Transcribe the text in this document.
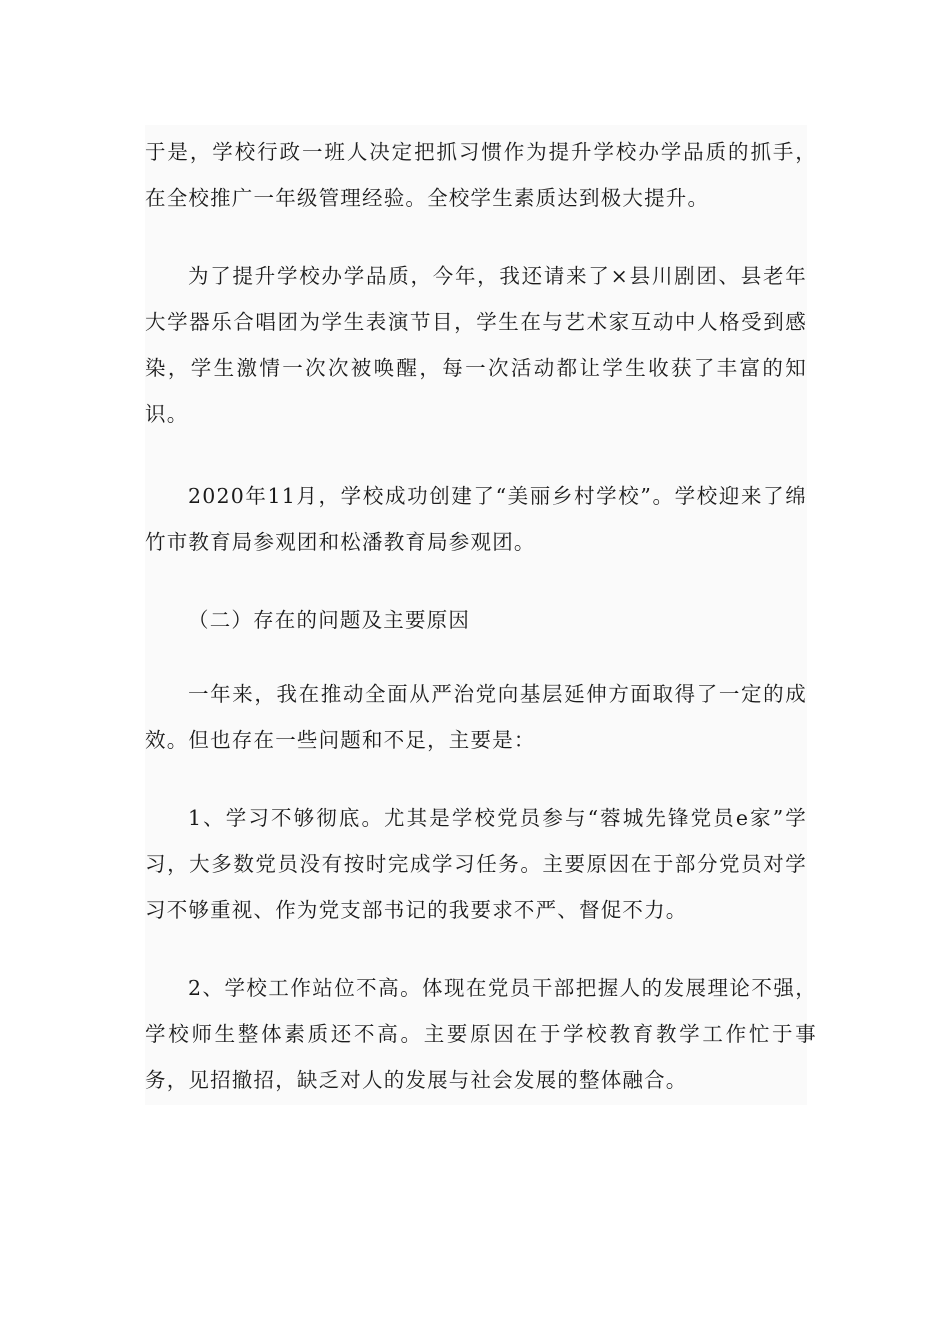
于是，学校行政一班人决定把抓习惯作为提升学校办学品质的抓手，在全校推广一年级管理经验。全校学生素质达到极大提升。

为了提升学校办学品质，今年，我还请来了×县川剧团、县老年大学器乐合唱团为学生表演节目，学生在与艺术家互动中人格受到感染，学生激情一次次被唤醒，每一次活动都让学生收获了丰富的知识。

2020年11月，学校成功创建了“美丽乡村学校”。学校迎来了绵竹市教育局参观团和松潘教育局参观团。

（二）存在的问题及主要原因

一年来，我在推动全面从严治党向基层延伸方面取得了一定的成效。但也存在一些问题和不足，主要是：

1、学习不够彻底。尤其是学校党员参与“蓉城先锋党员e家”学习，大多数党员没有按时完成学习任务。主要原因在于部分党员对学习不够重视、作为党支部书记的我要求不严、督促不力。

2、学校工作站位不高。体现在党员干部把握人的发展理论不强，学校师生整体素质还不高。主要原因在于学校教育教学工作忙于事务，见招撤招，缺乏对人的发展与社会发展的整体融合。
